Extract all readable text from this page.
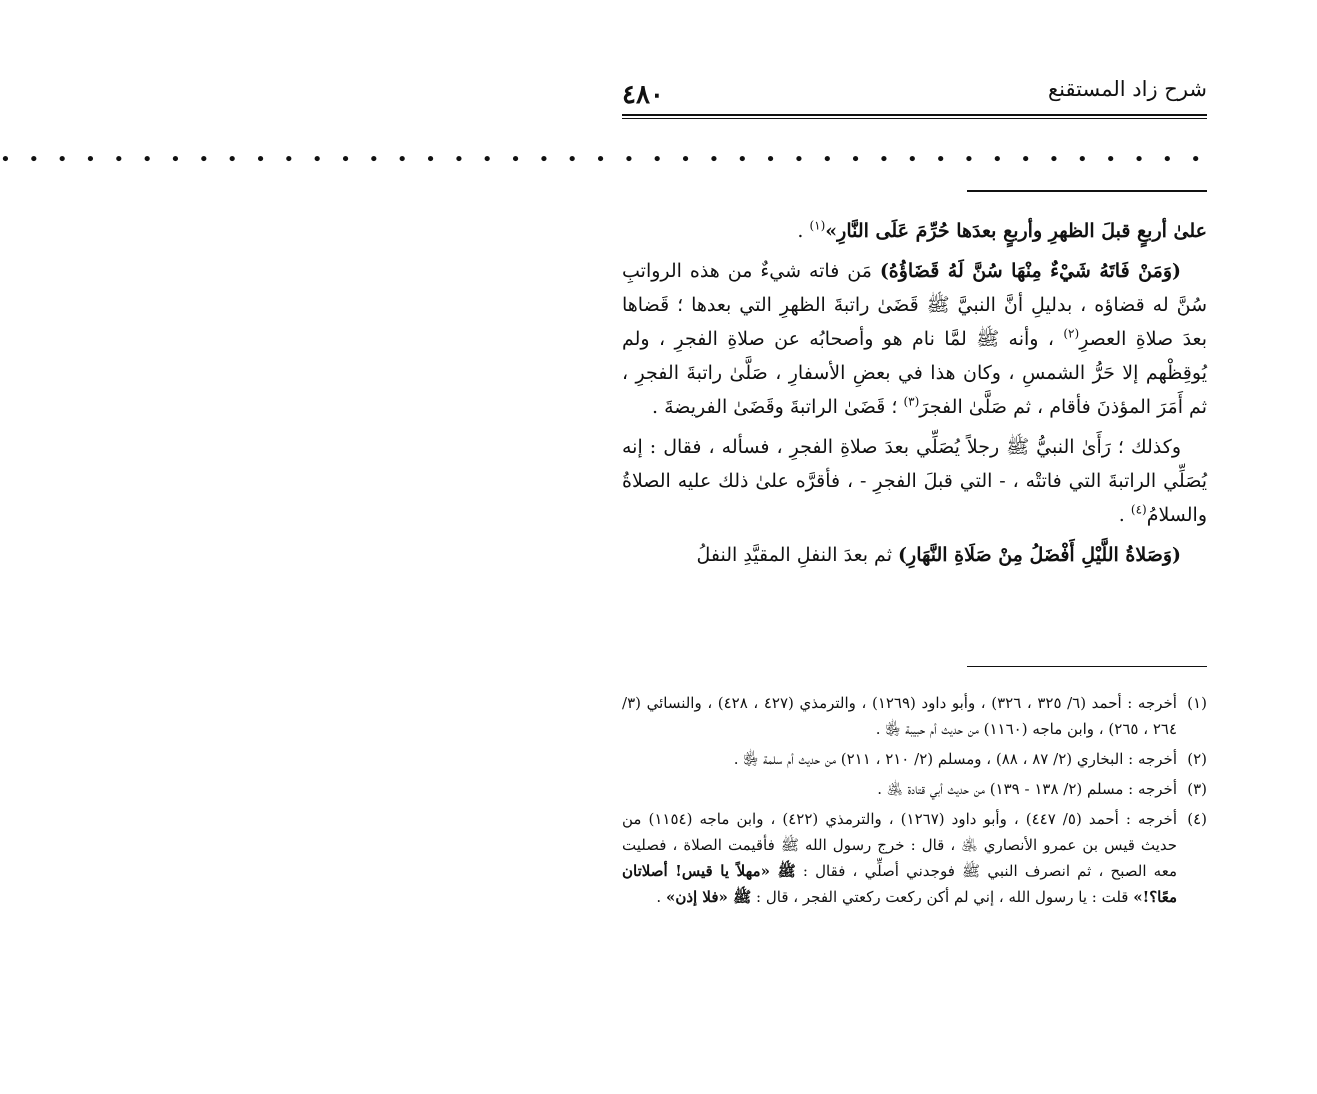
٤٨٠	شرح زاد المستقنع
• • • • • • • • • • • • • • • • • • • • • • • • • • • • • • • • • • • • • • • • • • •

علىٰ أربعٍ قبلَ الظهرِ وأربعٍ بعدَها حُرِّمَ عَلَى النَّارِ»$^{(١)}$ .

(وَمَنْ فَاتَهُ شَيْءٌ مِنْهَا سُنَّ لَهُ قَضَاؤُهُ) مَن فاته شيءٌ من هذه الرواتبِ سُنَّ له قضاؤه ، بدليلِ أنَّ النبيَّ ﷺ قَضَىٰ راتبةَ الظهرِ التي بعدها ؛ قَضاها بعدَ صلاةِ العصرِ$^{(٢)}$ ، وأنه ﷺ لمَّا نام هو وأصحابُه عن صلاةِ الفجرِ ، ولم يُوقِظْهم إلا حَرُّ الشمسِ ، وكان هذا في بعضِ الأسفارِ ، صَلَّىٰ راتبةَ الفجرِ ، ثم أَمَرَ المؤذنَ فأقام ، ثم صَلَّىٰ الفجرَ$^{(٣)}$ ؛ قَضَىٰ الراتبةَ وقَضَىٰ الفريضةَ .

وكذلك ؛ رَأَىٰ النبيُّ ﷺ رجلاً يُصَلِّي بعدَ صلاةِ الفجرِ ، فسأله ، فقال : إنه يُصَلِّي الراتبةَ التي فاتتْه ، - التي قبلَ الفجرِ - ، فأقرَّه علىٰ ذلك عليه الصلاةُ والسلامُ$^{(٤)}$ .

(وَصَلاةُ اللَّيْلِ أَفْضَلُ مِنْ صَلَاةِ النَّهَارِ) ثم بعدَ النفلِ المقيَّدِ النفلُ

(١)أخرجه : أحمد (٦/ ٣٢٥ ، ٣٢٦) ، وأبو داود (١٢٦٩) ، والترمذي (٤٢٧ ، ٤٢٨) ، والنسائي (٣/ ٢٦٤ ، ٢٦٥) ، وابن ماجه (١١٦٠) من حديث أم حبيبة ﵂ .

(٢)أخرجه : البخاري (٢/ ٨٧ ، ٨٨) ، ومسلم (٢/ ٢١٠ ، ٢١١) من حديث أم سلمة ﵂ .

(٣)أخرجه : مسلم (٢/ ١٣٨ - ١٣٩) من حديث أبي قتادة ﵁ .

(٤)أخرجه : أحمد (٥/ ٤٤٧) ، وأبو داود (١٢٦٧) ، والترمذي (٤٢٢) ، وابن ماجه (١١٥٤) من حديث قيس بن عمرو الأنصاري ﵁ ، قال : خرج رسول الله ﷺ فأقيمت الصلاة ، فصليت معه الصبح ، ثم انصرف النبي ﷺ فوجدني أصلِّي ، فقال : ﷺ «مهلاً يا قيس! أصلاتان معًا؟!» قلت : يا رسول الله ، إني لم أكن ركعت ركعتي الفجر ، قال : ﷺ «فلا إذن» .
